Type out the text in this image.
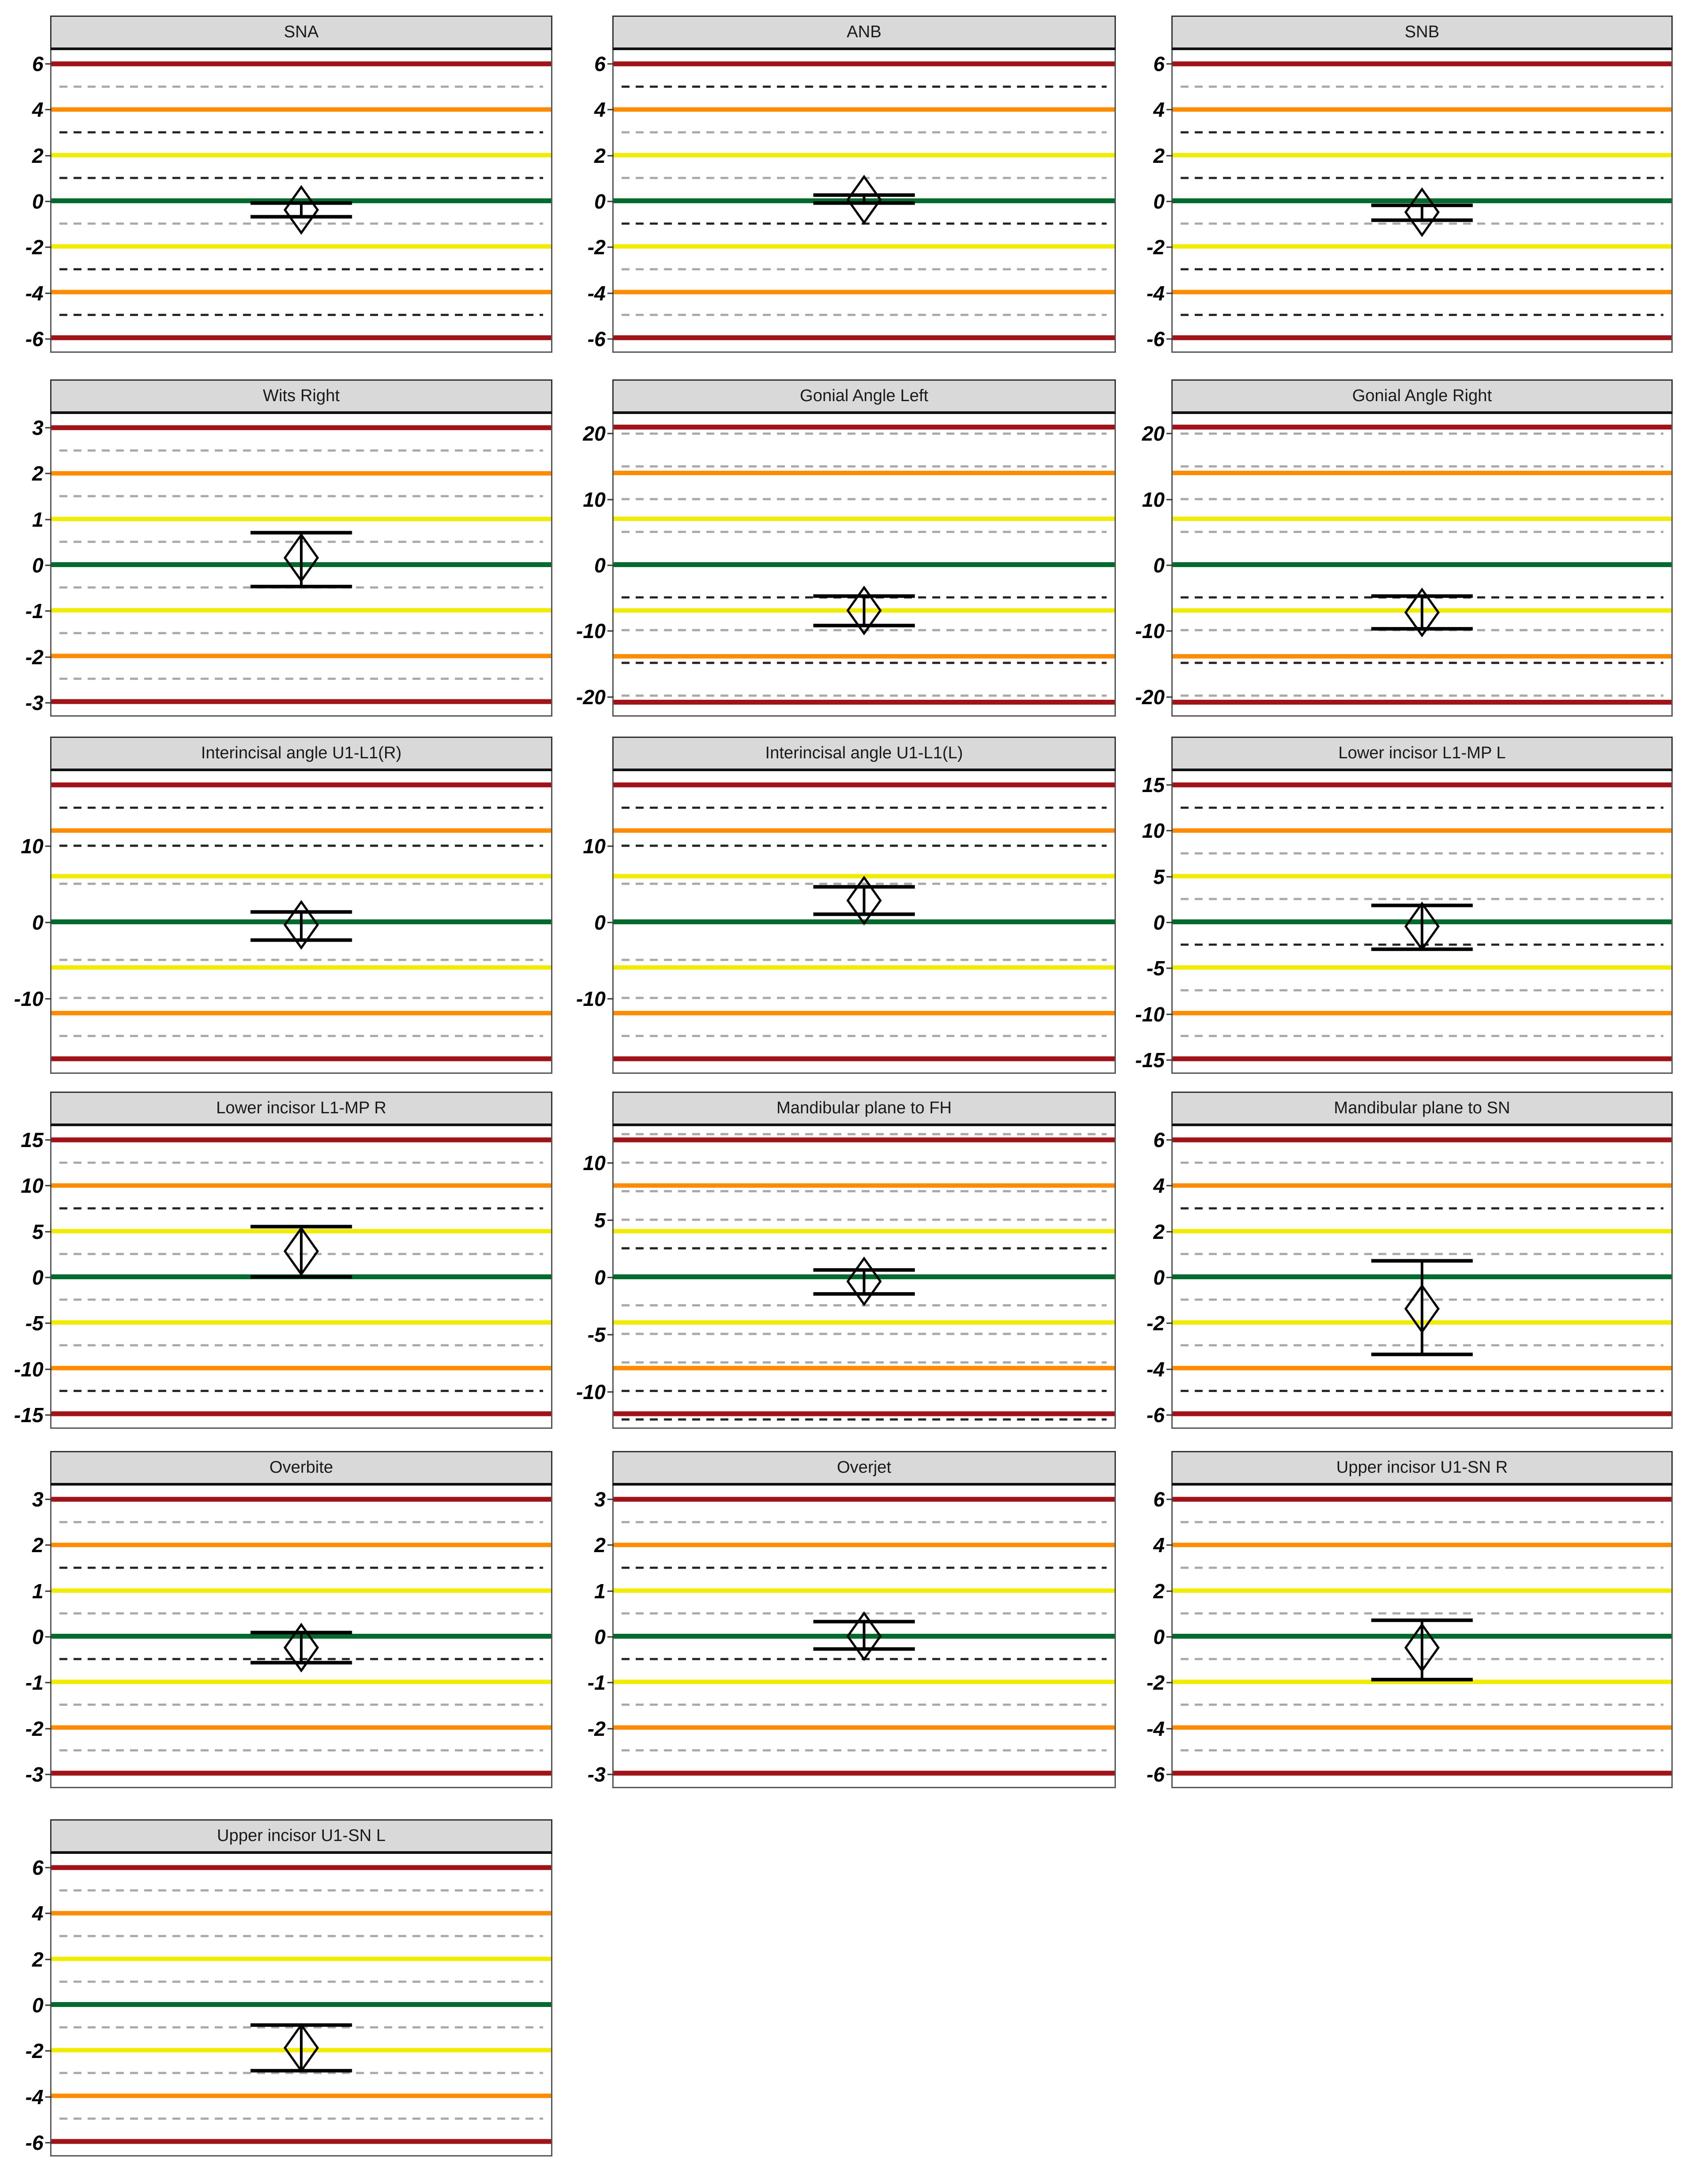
SNA
6
4
2
0
-2
-4
-6
ANB
6
4
2
0
-2
-4
-6
SNB
6
4
2
0
-2
-4
-6
Wits Right
3
2
1
0
-1
-2
-3
Gonial Angle Left
20
10
0
-10
-20
Gonial Angle Right
20
10
0
-10
-20
Interincisal angle U1-L1(R)
10
0
-10
Interincisal angle U1-L1(L)
10
0
-10
Lower incisor L1-MP L
15
10
5
0
-5
-10
-15
Lower incisor L1-MP R
15
10
5
0
-5
-10
-15
Mandibular plane to FH
10
5
0
-5
-10
Mandibular plane to SN
6
4
2
0
-2
-4
-6
Overbite
3
2
1
0
-1
-2
-3
Overjet
3
2
1
0
-1
-2
-3
Upper incisor U1-SN R
6
4
2
0
-2
-4
-6
Upper incisor U1-SN L
6
4
2
0
-2
-4
-6
